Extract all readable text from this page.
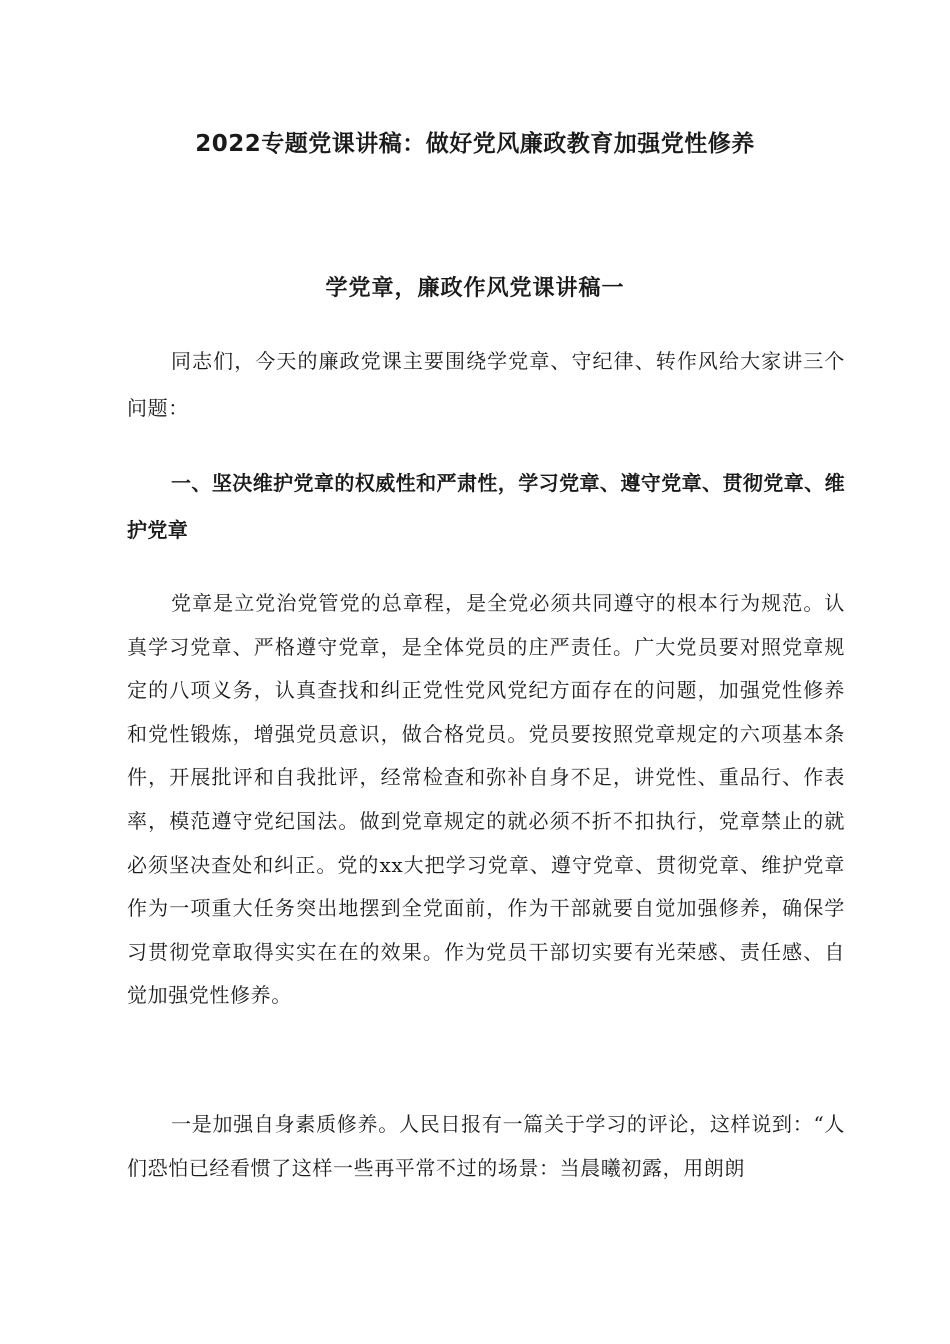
2022专题党课讲稿：做好党风廉政教育加强党性修养
学党章，廉政作风党课讲稿一

同志们，今天的廉政党课主要围绕学党章、守纪律、转作风给大家讲三个问题：

一、坚决维护党章的权威性和严肃性，学习党章、遵守党章、贯彻党章、维护党章

党章是立党治党管党的总章程，是全党必须共同遵守的根本行为规范。认真学习党章、严格遵守党章，是全体党员的庄严责任。广大党员要对照党章规定的八项义务，认真查找和纠正党性党风党纪方面存在的问题，加强党性修养和党性锻炼，增强党员意识，做合格党员。党员要按照党章规定的六项基本条件，开展批评和自我批评，经常检查和弥补自身不足，讲党性、重品行、作表率，模范遵守党纪国法。做到党章规定的就必须不折不扣执行，党章禁止的就必须坚决查处和纠正。党的xx大把学习党章、遵守党章、贯彻党章、维护党章作为一项重大任务突出地摆到全党面前，作为干部就要自觉加强修养，确保学习贯彻党章取得实实在在的效果。作为党员干部切实要有光荣感、责任感、自觉加强党性修养。

一是加强自身素质修养。人民日报有一篇关于学习的评论，这样说到：“人们恐怕已经看惯了这样一些再平常不过的场景：当晨曦初露，用朗朗
